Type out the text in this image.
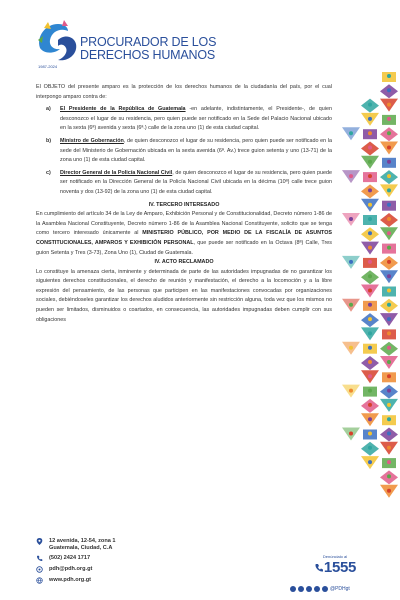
PROCURADOR DE LOS
DERECHOS HUMANOS
1987-2024

El OBJETO del presente amparo es la protección de los derechos humanos de la ciudadanía del país, por el cual interpongo amparo contra de:

a) El Presidente de la República de Guatemala -en adelante, indistintamente, el Presidente-, de quien desconozco el lugar de su residencia, pero quien puede ser notificado en la Sede del Palacio Nacional ubicado en la sexta (6ª) avenida y sexta (6ª.) calle de la zona uno (1) de esta ciudad capital.
b) Ministro de Gobernación, de quien desconozco el lugar de su residencia, pero quien puede ser notificado en la sede del Ministerio de Gobernación ubicada en la sexta avenida (6ª. Av.) trece guion setenta y uno (13-71) de la zona uno (1) de esta ciudad capital.
c) Director General de la Policía Nacional Civil, de quien desconozco el lugar de su residencia, pero quien puede ser notificado en la Dirección General de la Policía Nacional Civil ubicada en la décima (10ª) calle trece guion noventa y dos (13-92) de la zona uno (1) de esta ciudad capital.

IV. TERCERO INTERESADO

En cumplimiento del artículo 34 de la Ley de Amparo, Exhibición Personal y de Constitucionalidad, Decreto número 1-86 de la Asamblea Nacional Constituyente, Decreto número 1-86 de la Asamblea Nacional Constituyente, solicito que se tenga como tercero interesado únicamente al MINISTERIO PÚBLICO, POR MEDIO DE LA FISCALÍA DE ASUNTOS CONSTITUCIONALES, AMPAROS Y EXHIBICIÓN PERSONAL, que puede ser notificado en la Octava (8ª) Calle, Tres guion Setenta y Tres (3-73), Zona Uno (1), Ciudad de Guatemala.

IV. ACTO RECLAMADO

Lo constituye la amenaza cierta, inminente y determinada de parte de las autoridades impugnadas de no garantizar los siguientes derechos constitucionales, el derecho de reunión y manifestación, el derecho a la locomoción y a la libre expresión del pensamiento, de las personas que participen en las manifestaciones convocadas por organizaciones sociales, debiéndoseles garantizar los derechos aludidos anteriormente sin restricción alguna, toda vez que los mismos no pueden ser limitados, disminuidos o coartados, en consecuencia, las autoridades impugnadas deben cumplir con sus obligaciones

12 avenida, 12-54, zona 1
Guatemala, Ciudad, C.A
(502) 2424 1717
pdh@pdh.org.gt
www.pdh.org.gt
Denúncialo al
1555
@PDHgt
